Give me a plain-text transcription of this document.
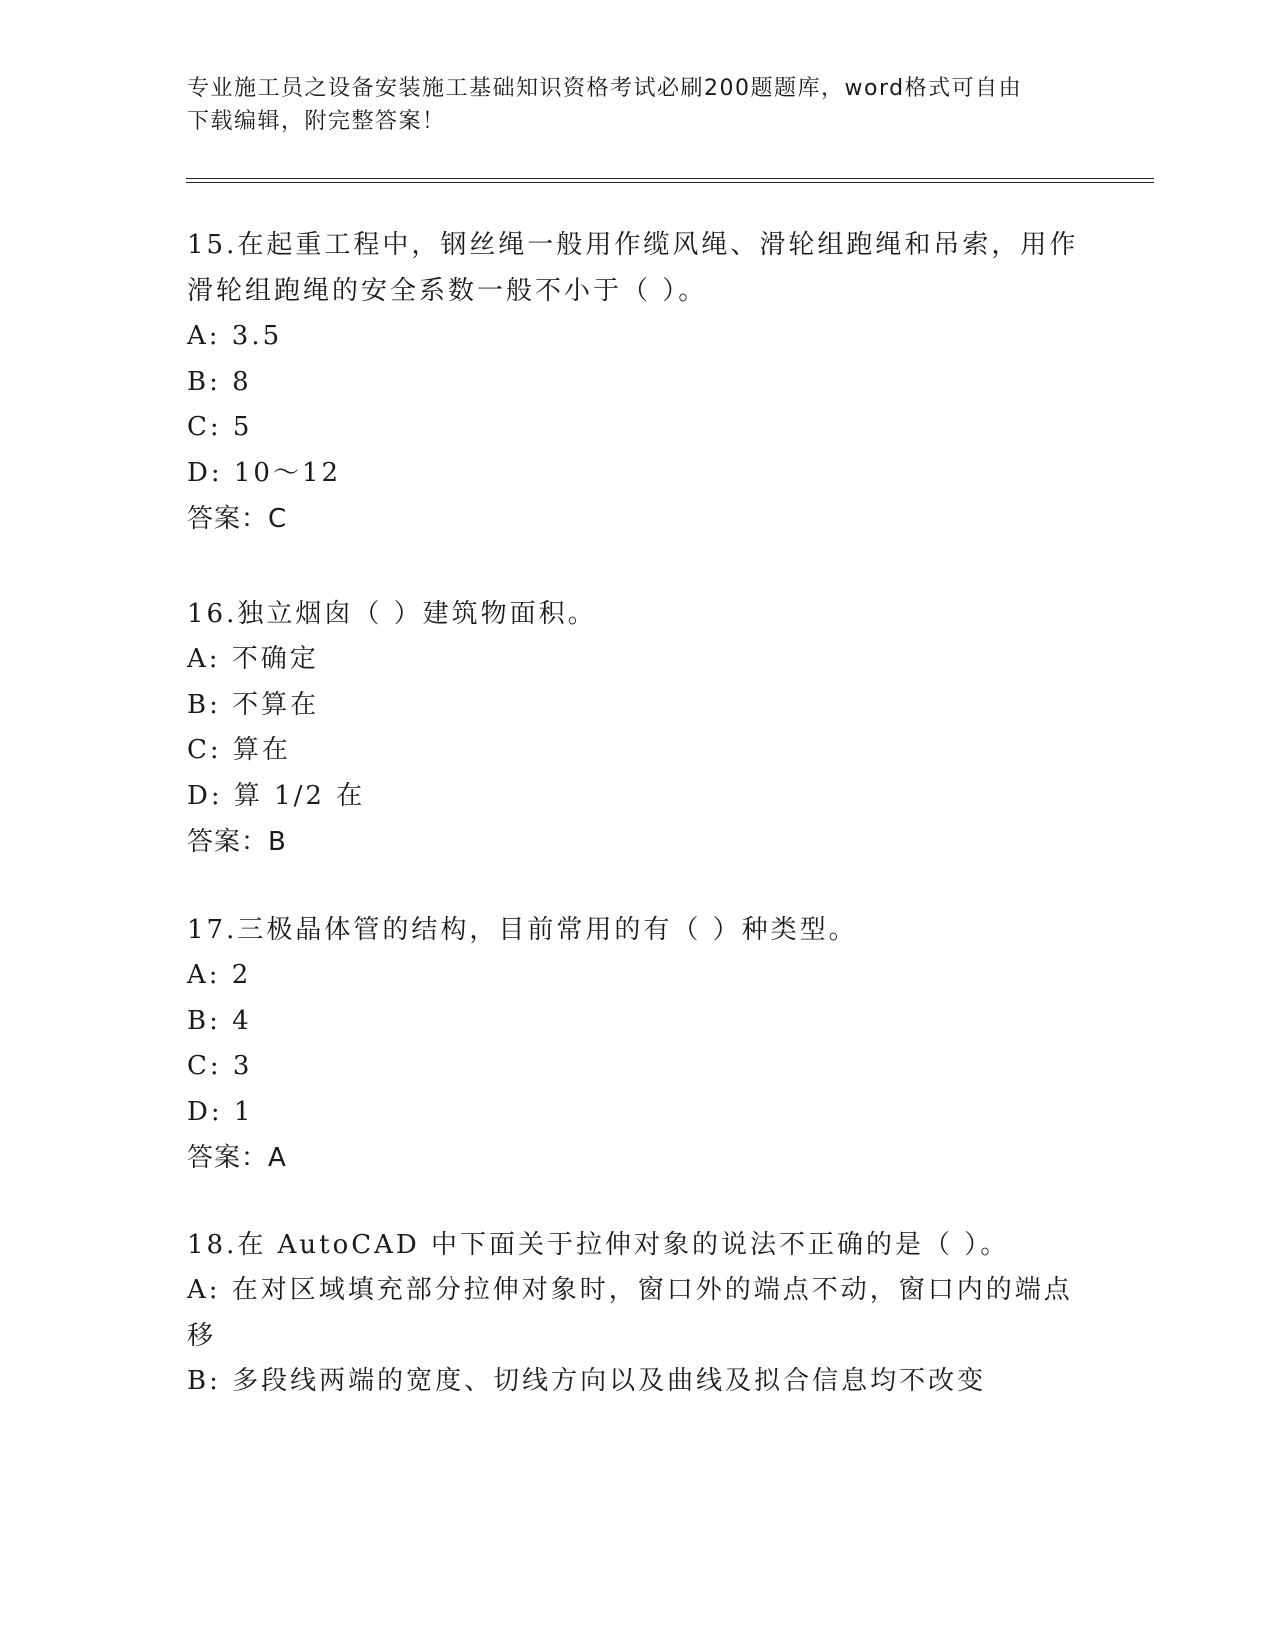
专业施工员之设备安装施工基础知识资格考试必刷200题题库，word格式可自由
下载编辑，附完整答案！

15.在起重工程中，钢丝绳一般用作缆风绳、滑轮组跑绳和吊索，用作

滑轮组跑绳的安全系数一般不小于（ ）。

A: 3.5

B: 8

C: 5

D: 10～12

答案：C

16.独立烟囱（ ）建筑物面积。

A: 不确定

B: 不算在

C: 算在

D: 算 1/2 在

答案：B

17.三极晶体管的结构，目前常用的有（ ）种类型。

A: 2

B: 4

C: 3

D: 1

答案：A

18.在 AutoCAD 中下面关于拉伸对象的说法不正确的是（ ）。

A: 在对区域填充部分拉伸对象时，窗口外的端点不动，窗口内的端点

移

B: 多段线两端的宽度、切线方向以及曲线及拟合信息均不改变
